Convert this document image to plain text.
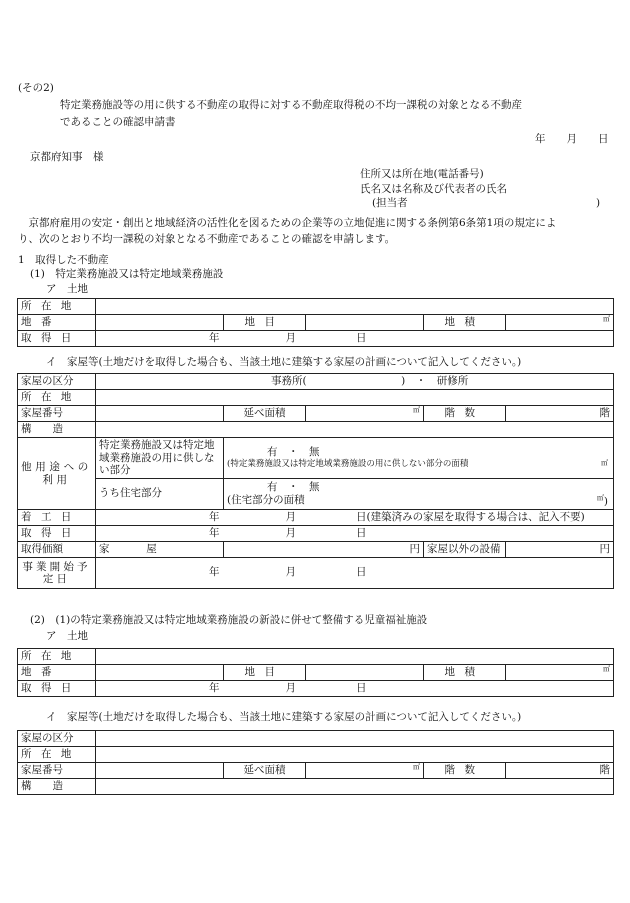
(その2)
特定業務施設等の用に供する不動産の取得に対する不動産取得税の不均一課税の対象となる不動産
であることの確認申請書
年　　月　　日
京都府知事　様
住所又は所在地(電話番号)
氏名又は名称及び代表者の氏名
(担当者	)
　京都府雇用の安定・創出と地域経済の活性化を図るための企業等の立地促進に関する条例第6条第1項の規定によ
り、次のとおり不均一課税の対象となる不動産であることの確認を申請します。
1　取得した不動産
(1)　特定業務施設又は特定地域業務施設
ア　土地
所在地					
地番		地目		地積	㎡
取得日	年 月 日				
イ　家屋等(土地だけを取得した場合も、当該土地に建築する家屋の計画について記入してください。)
家屋の区分	事務所(　　　　　　　　　)　・　研修所				
所在地					
家屋番号		延べ面積	㎡	階数	階
構　　造					
他用途への利用	特定業務施設又は特定地域業務施設の用に供しない部分	有　・　無
(特定業務施設又は特定地域業務施設の用に供しない部分の面積 ㎡			

	うち住宅部分	有　・　無
(住宅部分の面積 ㎡)			

着工日	年 月 日(建築済みの家屋を取得する場合は、記入不要)				
取得日	年 月 日				
取得価額	家　　屋	円		家屋以外の設備	円
事業開始予定日	年 月 日				
(2)　(1)の特定業務施設又は特定地域業務施設の新設に併せて整備する児童福祉施設
ア　土地
所在地					
地番		地目		地積	㎡
取得日	年 月 日				
イ　家屋等(土地だけを取得した場合も、当該土地に建築する家屋の計画について記入してください。)
家屋の区分					
所在地					
家屋番号		延べ面積	㎡	階数	階
構　　造					
